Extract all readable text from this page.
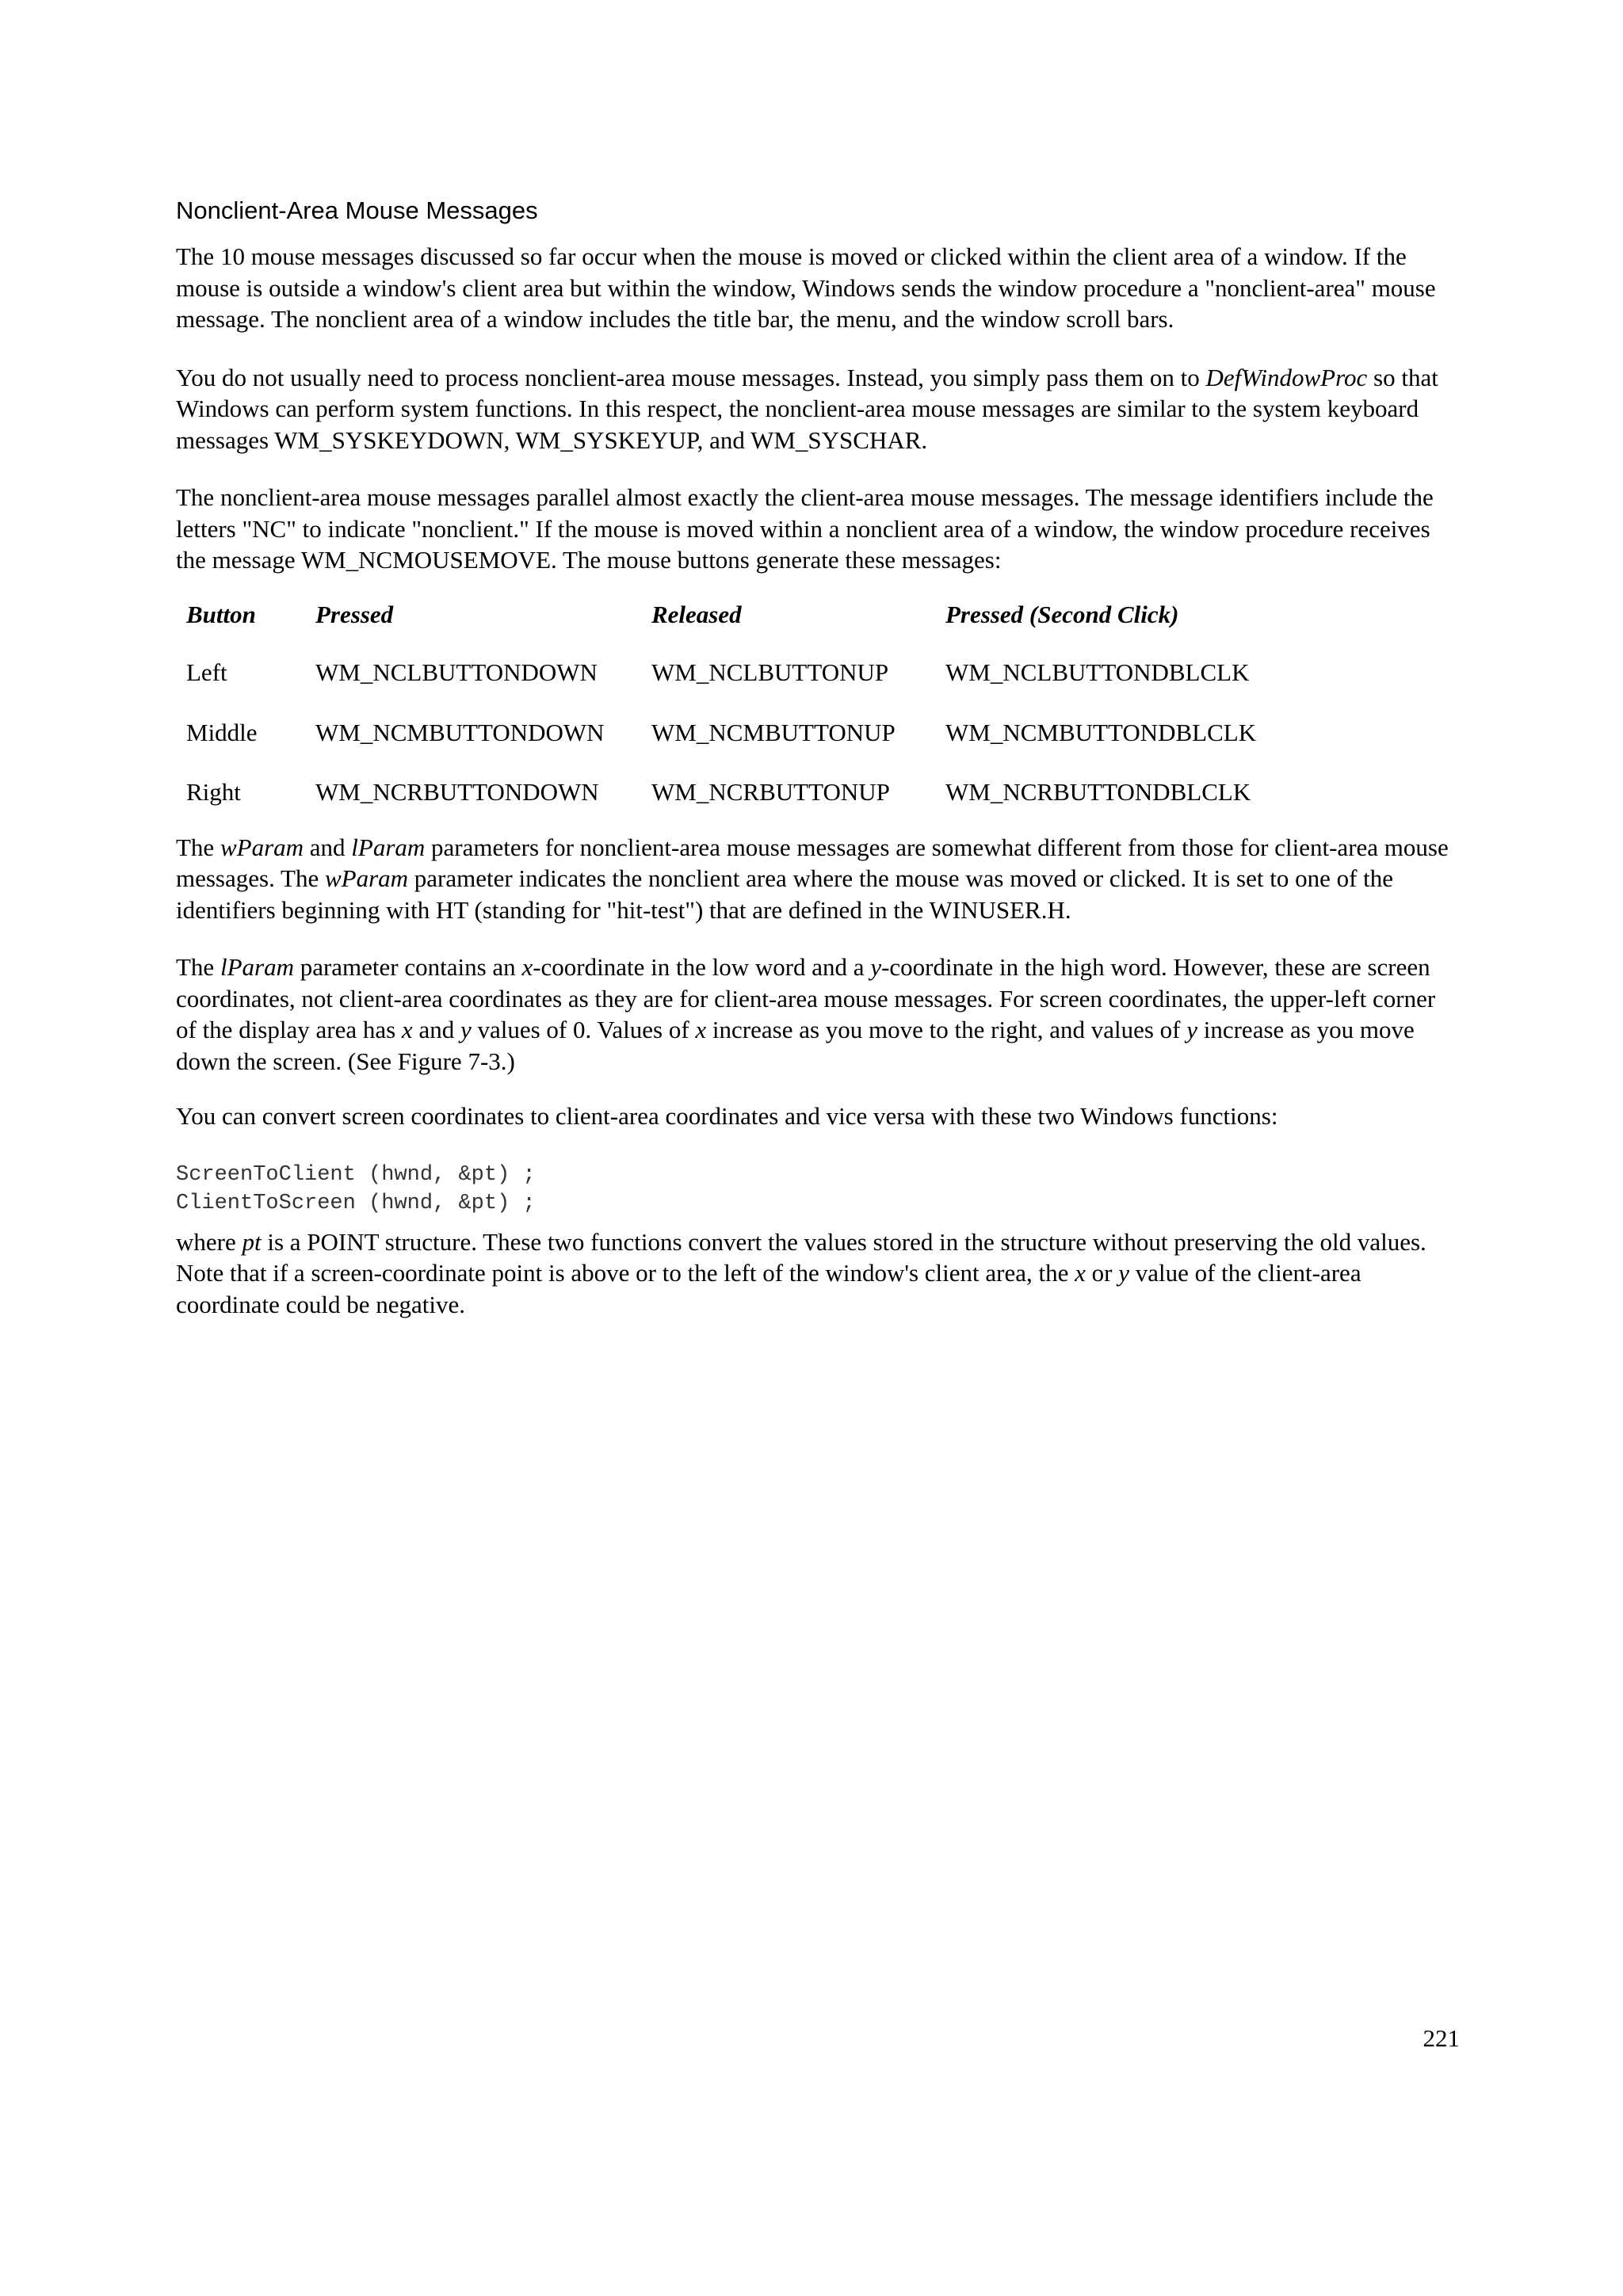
Nonclient-Area Mouse Messages

The 10 mouse messages discussed so far occur when the mouse is moved or clicked within the client area of a window. If the mouse is outside a window's client area but within the window, Windows sends the window procedure a "nonclient-area" mouse message. The nonclient area of a window includes the title bar, the menu, and the window scroll bars.

You do not usually need to process nonclient-area mouse messages. Instead, you simply pass them on to DefWindowProc so that Windows can perform system functions. In this respect, the nonclient-area mouse messages are similar to the system keyboard messages WM_SYSKEYDOWN, WM_SYSKEYUP, and WM_SYSCHAR.

The nonclient-area mouse messages parallel almost exactly the client-area mouse messages. The message identifiers include the letters "NC" to indicate "nonclient." If the mouse is moved within a nonclient area of a window, the window procedure receives the message WM_NCMOUSEMOVE. The mouse buttons generate these messages:

Button	Pressed	Released	Pressed (Second Click)
Left	WM_NCLBUTTONDOWN	WM_NCLBUTTONUP	WM_NCLBUTTONDBLCLK
Middle	WM_NCMBUTTONDOWN	WM_NCMBUTTONUP	WM_NCMBUTTONDBLCLK
Right	WM_NCRBUTTONDOWN	WM_NCRBUTTONUP	WM_NCRBUTTONDBLCLK

The wParam and lParam parameters for nonclient-area mouse messages are somewhat different from those for client-area mouse messages. The wParam parameter indicates the nonclient area where the mouse was moved or clicked. It is set to one of the identifiers beginning with HT (standing for "hit-test") that are defined in the WINUSER.H.

The lParam parameter contains an x-coordinate in the low word and a y-coordinate in the high word. However, these are screen coordinates, not client-area coordinates as they are for client-area mouse messages. For screen coordinates, the upper-left corner of the display area has x and y values of 0. Values of x increase as you move to the right, and values of y increase as you move down the screen. (See Figure 7-3.)

You can convert screen coordinates to client-area coordinates and vice versa with these two Windows functions:

ScreenToClient (hwnd, &pt) ;
ClientToScreen (hwnd, &pt) ;

where pt is a POINT structure. These two functions convert the values stored in the structure without preserving the old values. Note that if a screen-coordinate point is above or to the left of the window's client area, the x or y value of the client-area coordinate could be negative.

221
